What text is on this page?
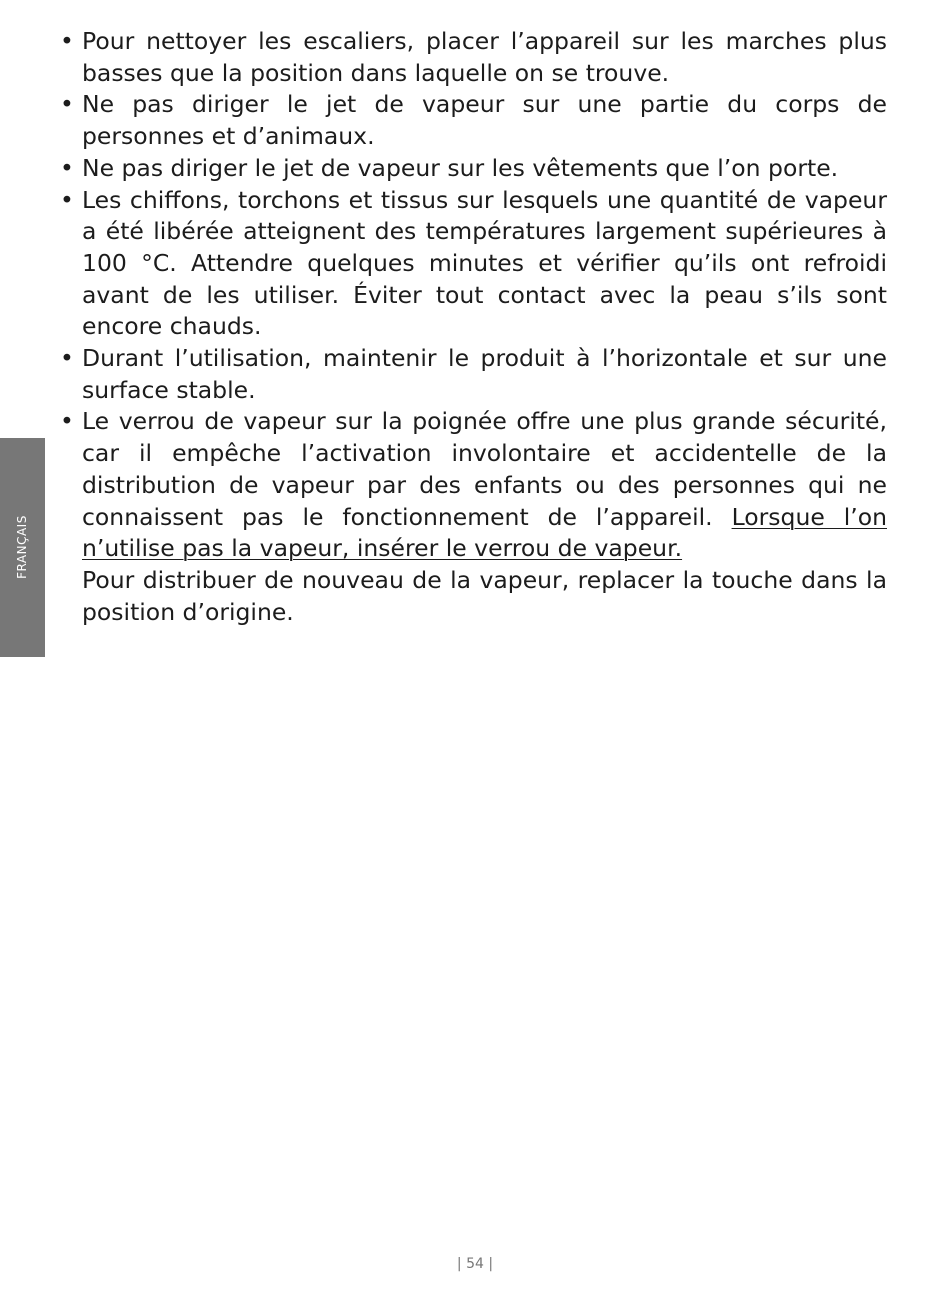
FRANÇAIS
• Pour nettoyer les escaliers, placer l’appareil sur les marches plus basses que la position dans laquelle on se trouve.
• Ne pas diriger le jet de vapeur sur une partie du corps de personnes et d’animaux.
• Ne pas diriger le jet de vapeur sur les vêtements que l’on porte.
• Les chiffons, torchons et tissus sur lesquels une quantité de vapeur a été libérée atteignent des températures largement supérieures à 100 °C. Attendre quelques minutes et vérifier qu’ils ont refroidi avant de les utiliser. Éviter tout contact avec la peau s’ils sont encore chauds.
• Durant l’utilisation, maintenir le produit à l’horizontale et sur une surface stable.
• Le verrou de vapeur sur la poignée offre une plus grande sécurité, car il empêche l’activation involontaire et accidentelle de la distribution de vapeur par des enfants ou des personnes qui ne connaissent pas le fonctionnement de l’appareil. Lorsque l’on n’utilise pas la vapeur, insérer le verrou de vapeur.
Pour distribuer de nouveau de la vapeur, replacer la touche dans la position d’origine.
| 54 |
